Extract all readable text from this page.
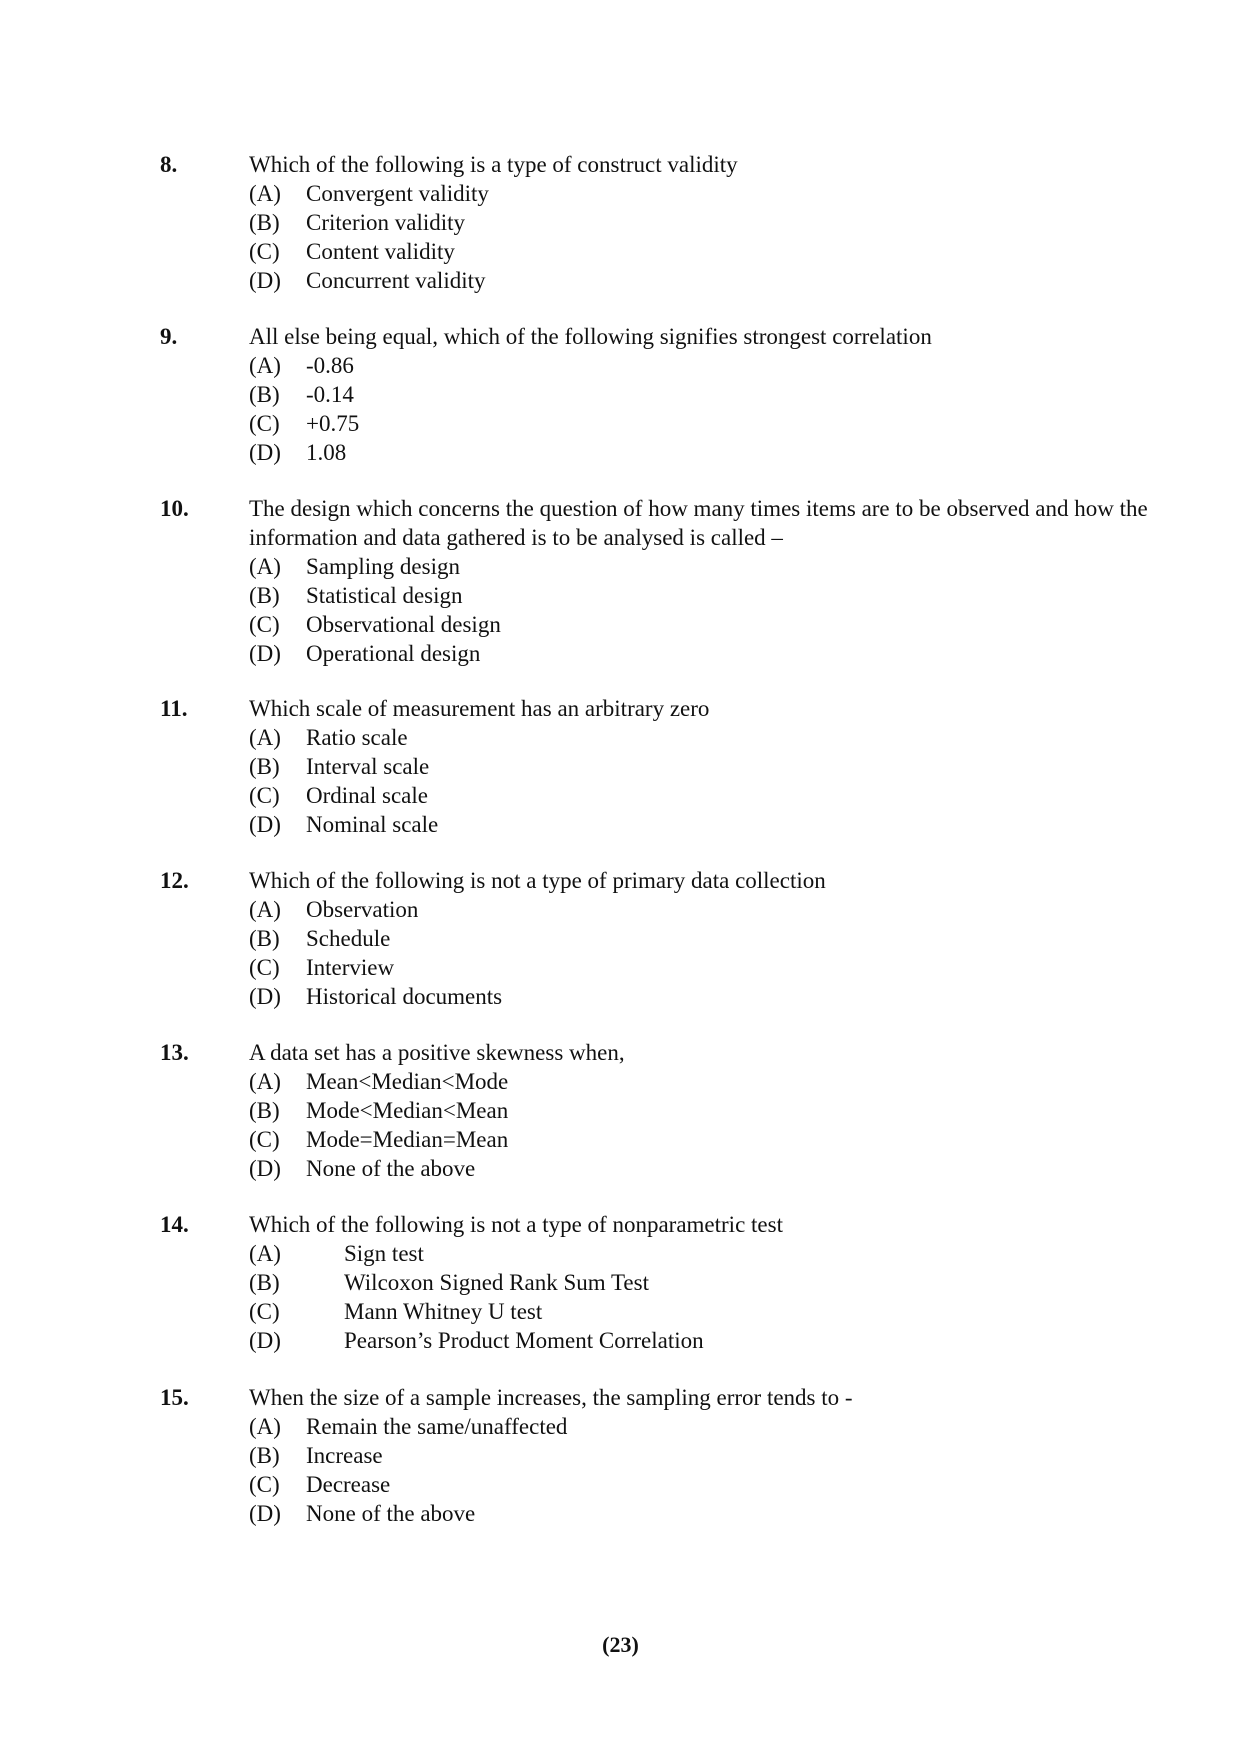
8.	Which of the following is a type of construct validity
(A) Convergent validity
(B) Criterion validity
(C) Content validity
(D) Concurrent validity
9.	All else being equal, which of the following signifies strongest correlation
(A) -0.86
(B) -0.14
(C) +0.75
(D) 1.08
10.	The design which concerns the question of how many times items are to be observed and how the information and data gathered is to be analysed is called –
(A) Sampling design
(B) Statistical design
(C) Observational design
(D) Operational design
11.	Which scale of measurement has an arbitrary zero
(A) Ratio scale
(B) Interval scale
(C) Ordinal scale
(D) Nominal scale
12.	Which of the following is not a type of primary data collection
(A) Observation
(B) Schedule
(C) Interview
(D) Historical documents
13.	A data set has a positive skewness when,
(A) Mean<Median<Mode
(B) Mode<Median<Mean
(C) Mode=Median=Mean
(D) None of the above
14.	Which of the following is not a type of nonparametric test
(A)	Sign test
(B)	Wilcoxon Signed Rank Sum Test
(C)	Mann Whitney U test
(D)	Pearson’s Product Moment Correlation
15.	When the size of a sample increases, the sampling error tends to -
(A) Remain the same/unaffected
(B) Increase
(C) Decrease
(D) None of the above
(23)
